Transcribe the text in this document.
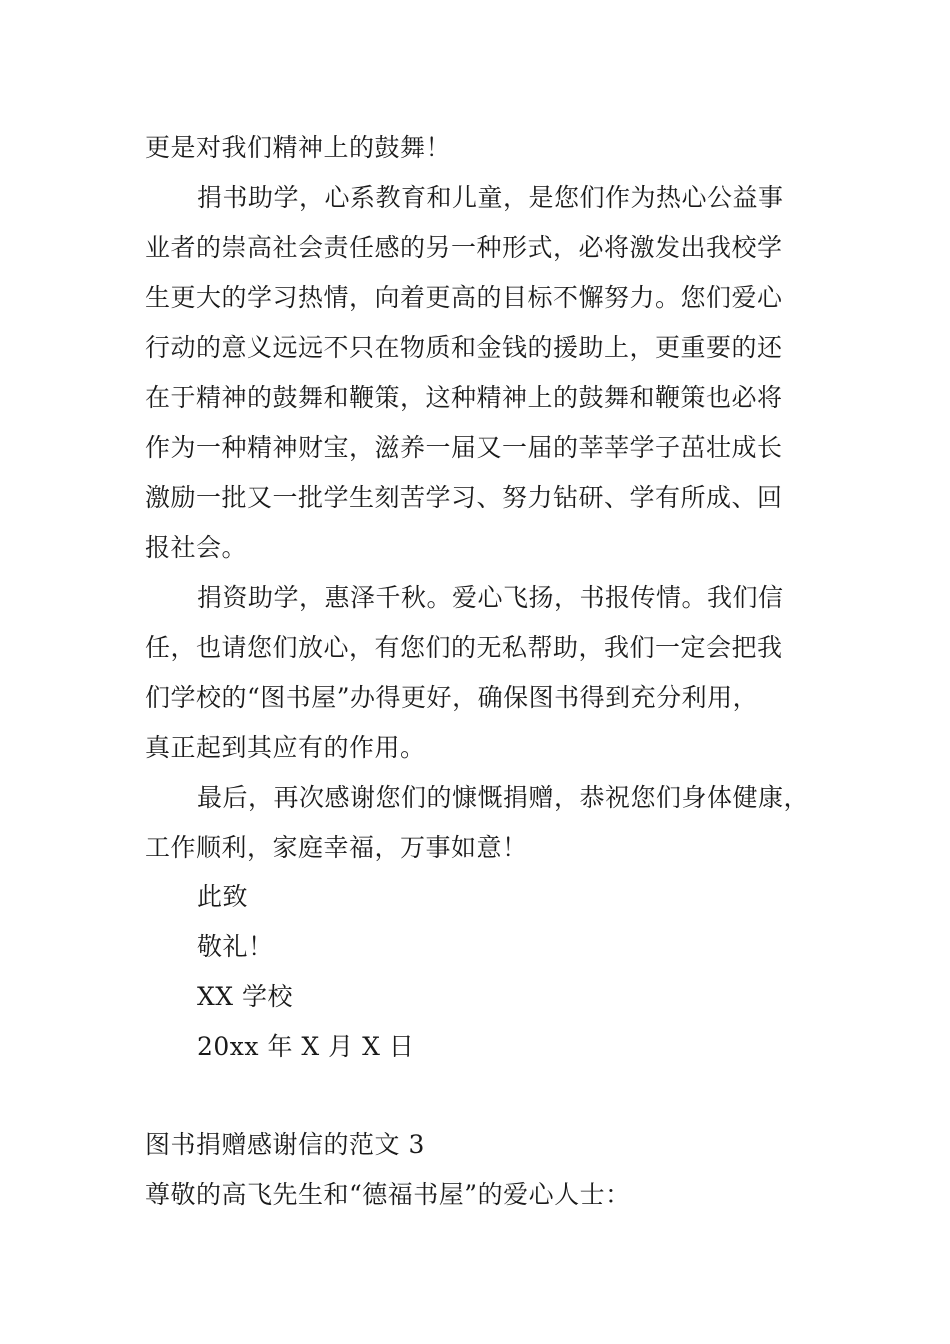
更是对我们精神上的鼓舞！
捐书助学，心系教育和儿童，是您们作为热心公益事
业者的崇高社会责任感的另一种形式，必将激发出我校学
生更大的学习热情，向着更高的目标不懈努力。您们爱心
行动的意义远远不只在物质和金钱的援助上，更重要的还
在于精神的鼓舞和鞭策，这种精神上的鼓舞和鞭策也必将
作为一种精神财宝，滋养一届又一届的莘莘学子茁壮成长
激励一批又一批学生刻苦学习、努力钻研、学有所成、回
报社会。
捐资助学，惠泽千秋。爱心飞扬，书报传情。我们信
任，也请您们放心，有您们的无私帮助，我们一定会把我
们学校的“图书屋”办得更好，确保图书得到充分利用，
真正起到其应有的作用。
最后，再次感谢您们的慷慨捐赠，恭祝您们身体健康，
工作顺利，家庭幸福，万事如意！
此致
敬礼！
XX 学校
20xx 年 X 月 X 日
图书捐赠感谢信的范文 3
尊敬的高飞先生和“德福书屋”的爱心人士：
